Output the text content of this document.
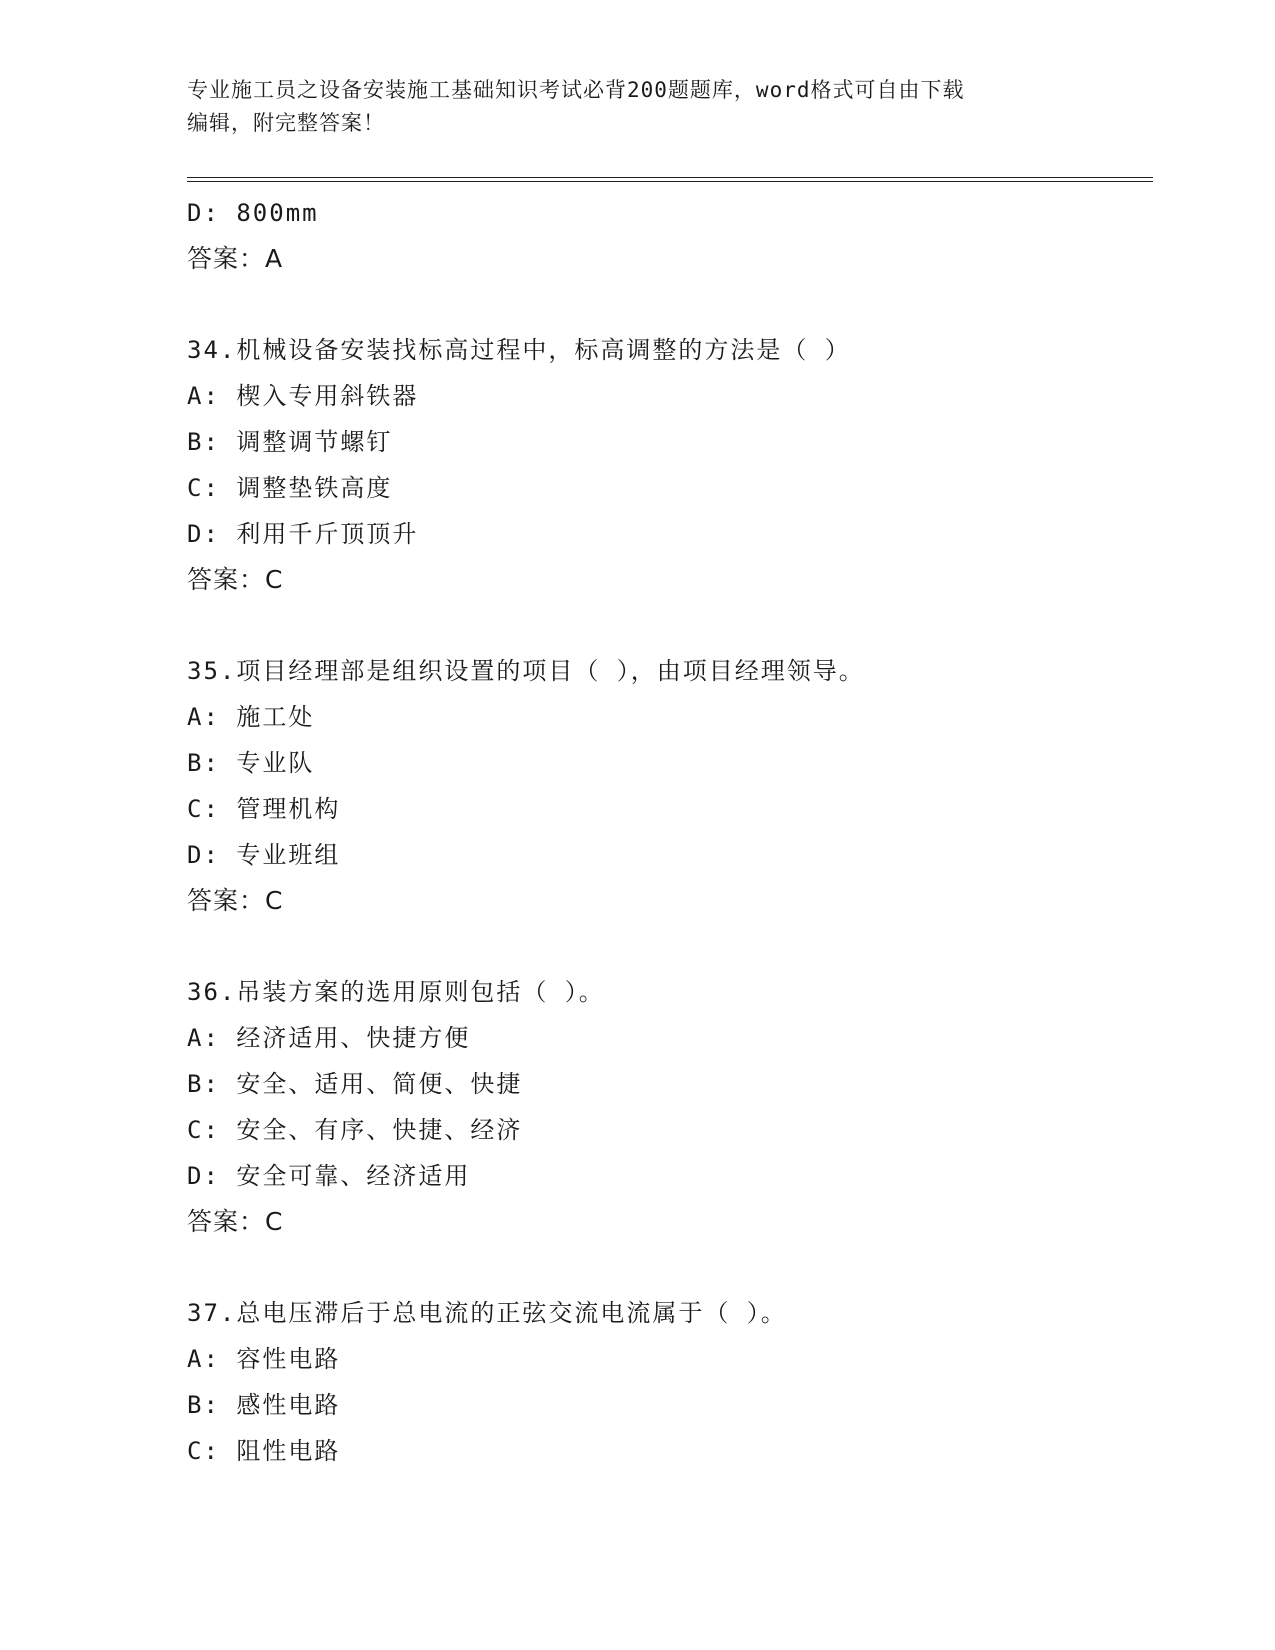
专业施工员之设备安装施工基础知识考试必背200题题库，word格式可自由下载
编辑，附完整答案！
D: 800mm
答案：A
34.机械设备安装找标高过程中，标高调整的方法是（ ）
A: 楔入专用斜铁器
B: 调整调节螺钉
C: 调整垫铁高度
D: 利用千斤顶顶升
答案：C
35.项目经理部是组织设置的项目（ ），由项目经理领导。
A: 施工处
B: 专业队
C: 管理机构
D: 专业班组
答案：C
36.吊装方案的选用原则包括（ ）。
A: 经济适用、快捷方便
B: 安全、适用、简便、快捷
C: 安全、有序、快捷、经济
D: 安全可靠、经济适用
答案：C
37.总电压滞后于总电流的正弦交流电流属于（ ）。
A: 容性电路
B: 感性电路
C: 阻性电路
